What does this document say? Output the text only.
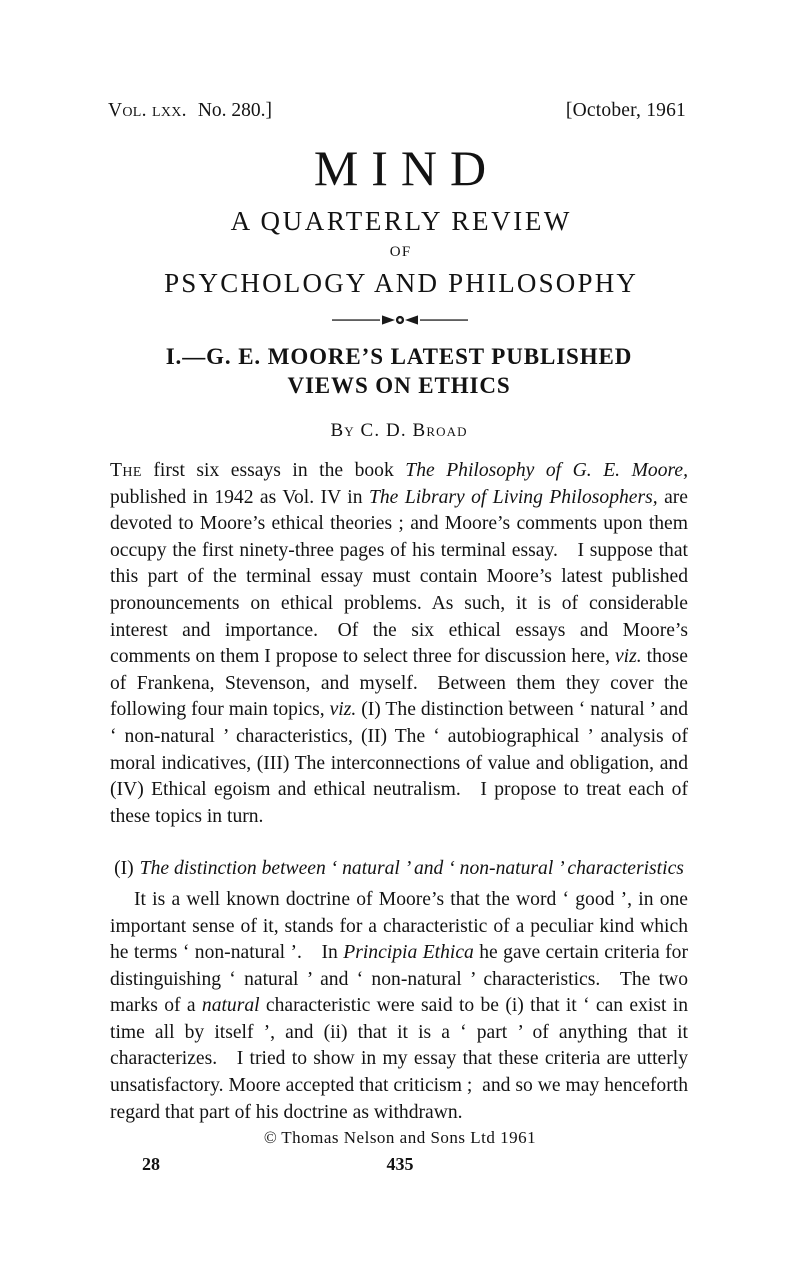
Vol. lxx. No. 280.]	[October, 1961
MIND

A QUARTERLY REVIEW

OF

PSYCHOLOGY AND PHILOSOPHY

I.—G. E. MOORE’S LATEST PUBLISHED
VIEWS ON ETHICS

By C. D. Broad

The first six essays in the book The Philosophy of G. E. Moore, published in 1942 as Vol. IV in The Library of Living Philosophers, are devoted to Moore’s ethical theories ; and Moore’s comments upon them occupy the first ninety-three pages of his terminal essay. I suppose that this part of the terminal essay must contain Moore’s latest published pronouncements on ethical problems. As such, it is of considerable interest and importance. Of the six ethical essays and Moore’s comments on them I propose to select three for discussion here, viz. those of Frankena, Stevenson, and myself. Between them they cover the following four main topics, viz. (I) The distinction between ‘ natural ’ and ‘ non-natural ’ characteristics, (II) The ‘ autobiographical ’ analysis of moral indicatives, (III) The interconnections of value and obligation, and (IV) Ethical egoism and ethical neutralism. I propose to treat each of these topics in turn.

(I) The distinction between ‘ natural ’ and ‘ non-natural ’ characteristics

It is a well known doctrine of Moore’s that the word ‘ good ’, in one important sense of it, stands for a characteristic of a peculiar kind which he terms ‘ non-natural ’. In Principia Ethica he gave certain criteria for distinguishing ‘ natural ’ and ‘ non-natural ’ characteristics. The two marks of a natural characteristic were said to be (i) that it ‘ can exist in time all by itself ’, and (ii) that it is a ‘ part ’ of anything that it characterizes. I tried to show in my essay that these criteria are utterly unsatisfactory. Moore accepted that criticism ; and so we may henceforth regard that part of his doctrine as withdrawn.

© Thomas Nelson and Sons Ltd 1961
28	435
